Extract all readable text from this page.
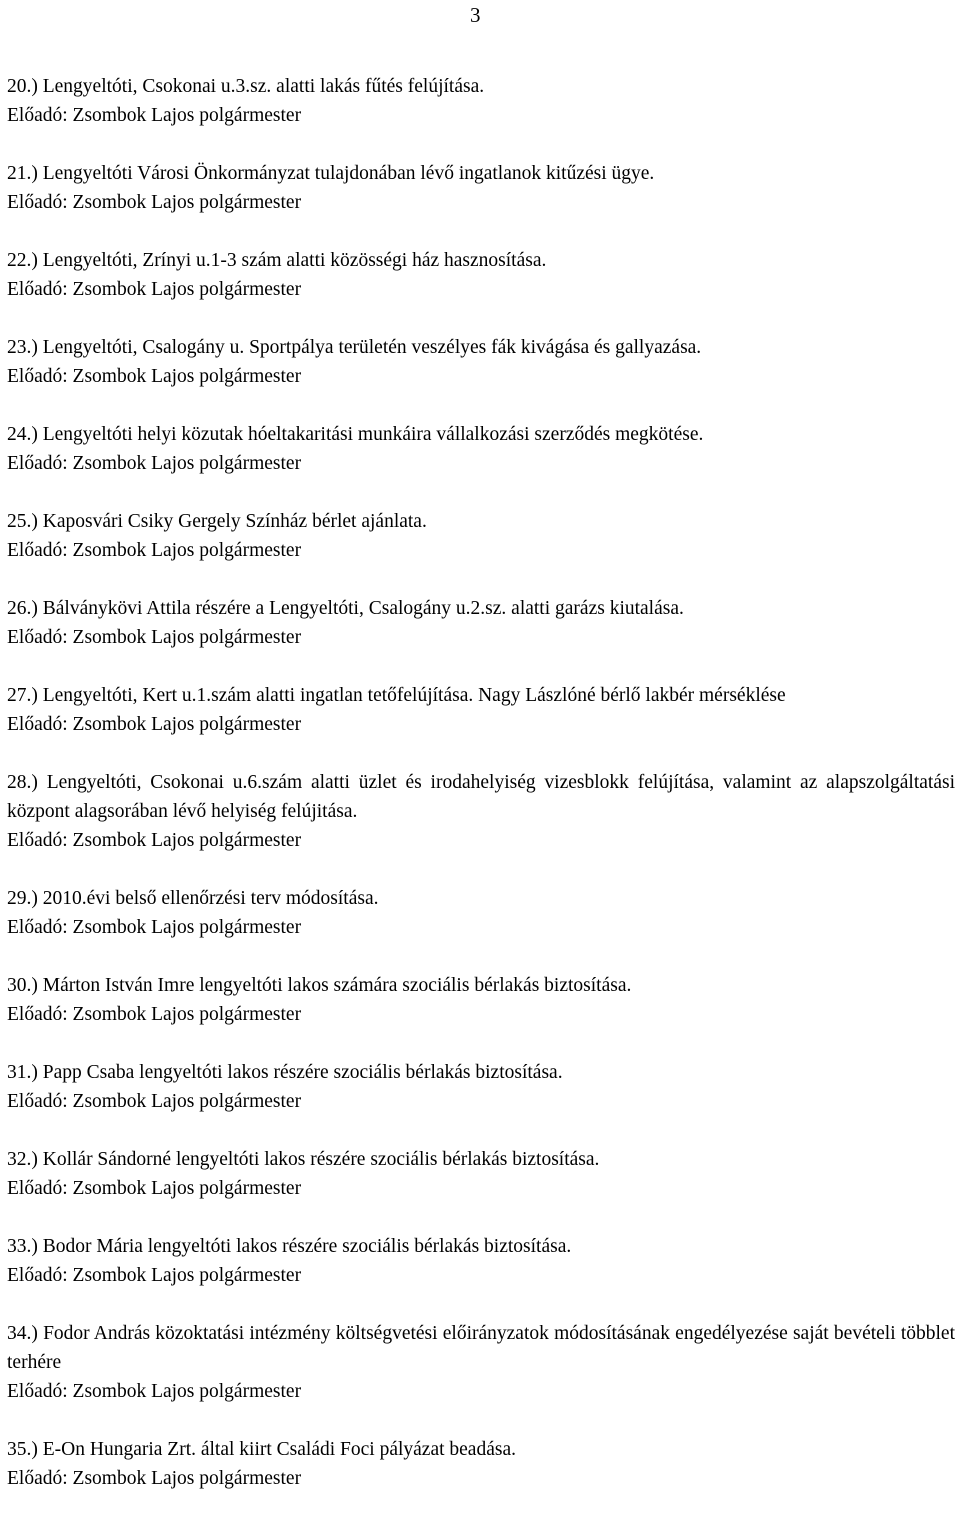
3

20.) Lengyeltóti, Csokonai u.3.sz. alatti lakás fűtés felújítása.

Előadó: Zsombok Lajos polgármester

21.) Lengyeltóti Városi Önkormányzat tulajdonában lévő ingatlanok kitűzési ügye.

Előadó: Zsombok Lajos polgármester

22.) Lengyeltóti, Zrínyi u.1-3 szám alatti közösségi ház hasznosítása.

Előadó: Zsombok Lajos polgármester

23.) Lengyeltóti, Csalogány u. Sportpálya területén veszélyes fák kivágása és gallyazása.

Előadó: Zsombok Lajos polgármester

24.) Lengyeltóti helyi közutak hóeltakaritási munkáira vállalkozási szerződés megkötése.

Előadó: Zsombok Lajos polgármester

25.) Kaposvári Csiky Gergely Színház bérlet ajánlata.

Előadó: Zsombok Lajos polgármester

26.) Bálványkövi Attila részére a Lengyeltóti, Csalogány u.2.sz. alatti garázs kiutalása.

Előadó: Zsombok Lajos polgármester

27.) Lengyeltóti, Kert u.1.szám alatti ingatlan tetőfelújítása. Nagy Lászlóné bérlő lakbér mérséklése

Előadó: Zsombok Lajos polgármester

28.) Lengyeltóti, Csokonai u.6.szám alatti üzlet és irodahelyiség vizesblokk felújítása, valamint az alapszolgáltatási központ alagsorában lévő helyiség felújitása.

Előadó: Zsombok Lajos polgármester

29.) 2010.évi belső ellenőrzési terv módosítása.

Előadó: Zsombok Lajos polgármester

30.) Márton István Imre lengyeltóti lakos számára szociális bérlakás biztosítása.

Előadó: Zsombok Lajos polgármester

31.) Papp Csaba lengyeltóti lakos részére szociális bérlakás biztosítása.

Előadó: Zsombok Lajos polgármester

32.) Kollár Sándorné lengyeltóti lakos részére szociális bérlakás biztosítása.

Előadó: Zsombok Lajos polgármester

33.) Bodor Mária lengyeltóti lakos részére szociális bérlakás biztosítása.

Előadó: Zsombok Lajos polgármester

34.) Fodor András közoktatási intézmény költségvetési előirányzatok módosításának engedélyezése saját bevételi többlet terhére

Előadó: Zsombok Lajos polgármester

35.) E-On Hungaria Zrt. által kiirt Családi Foci pályázat beadása.

Előadó: Zsombok Lajos polgármester
